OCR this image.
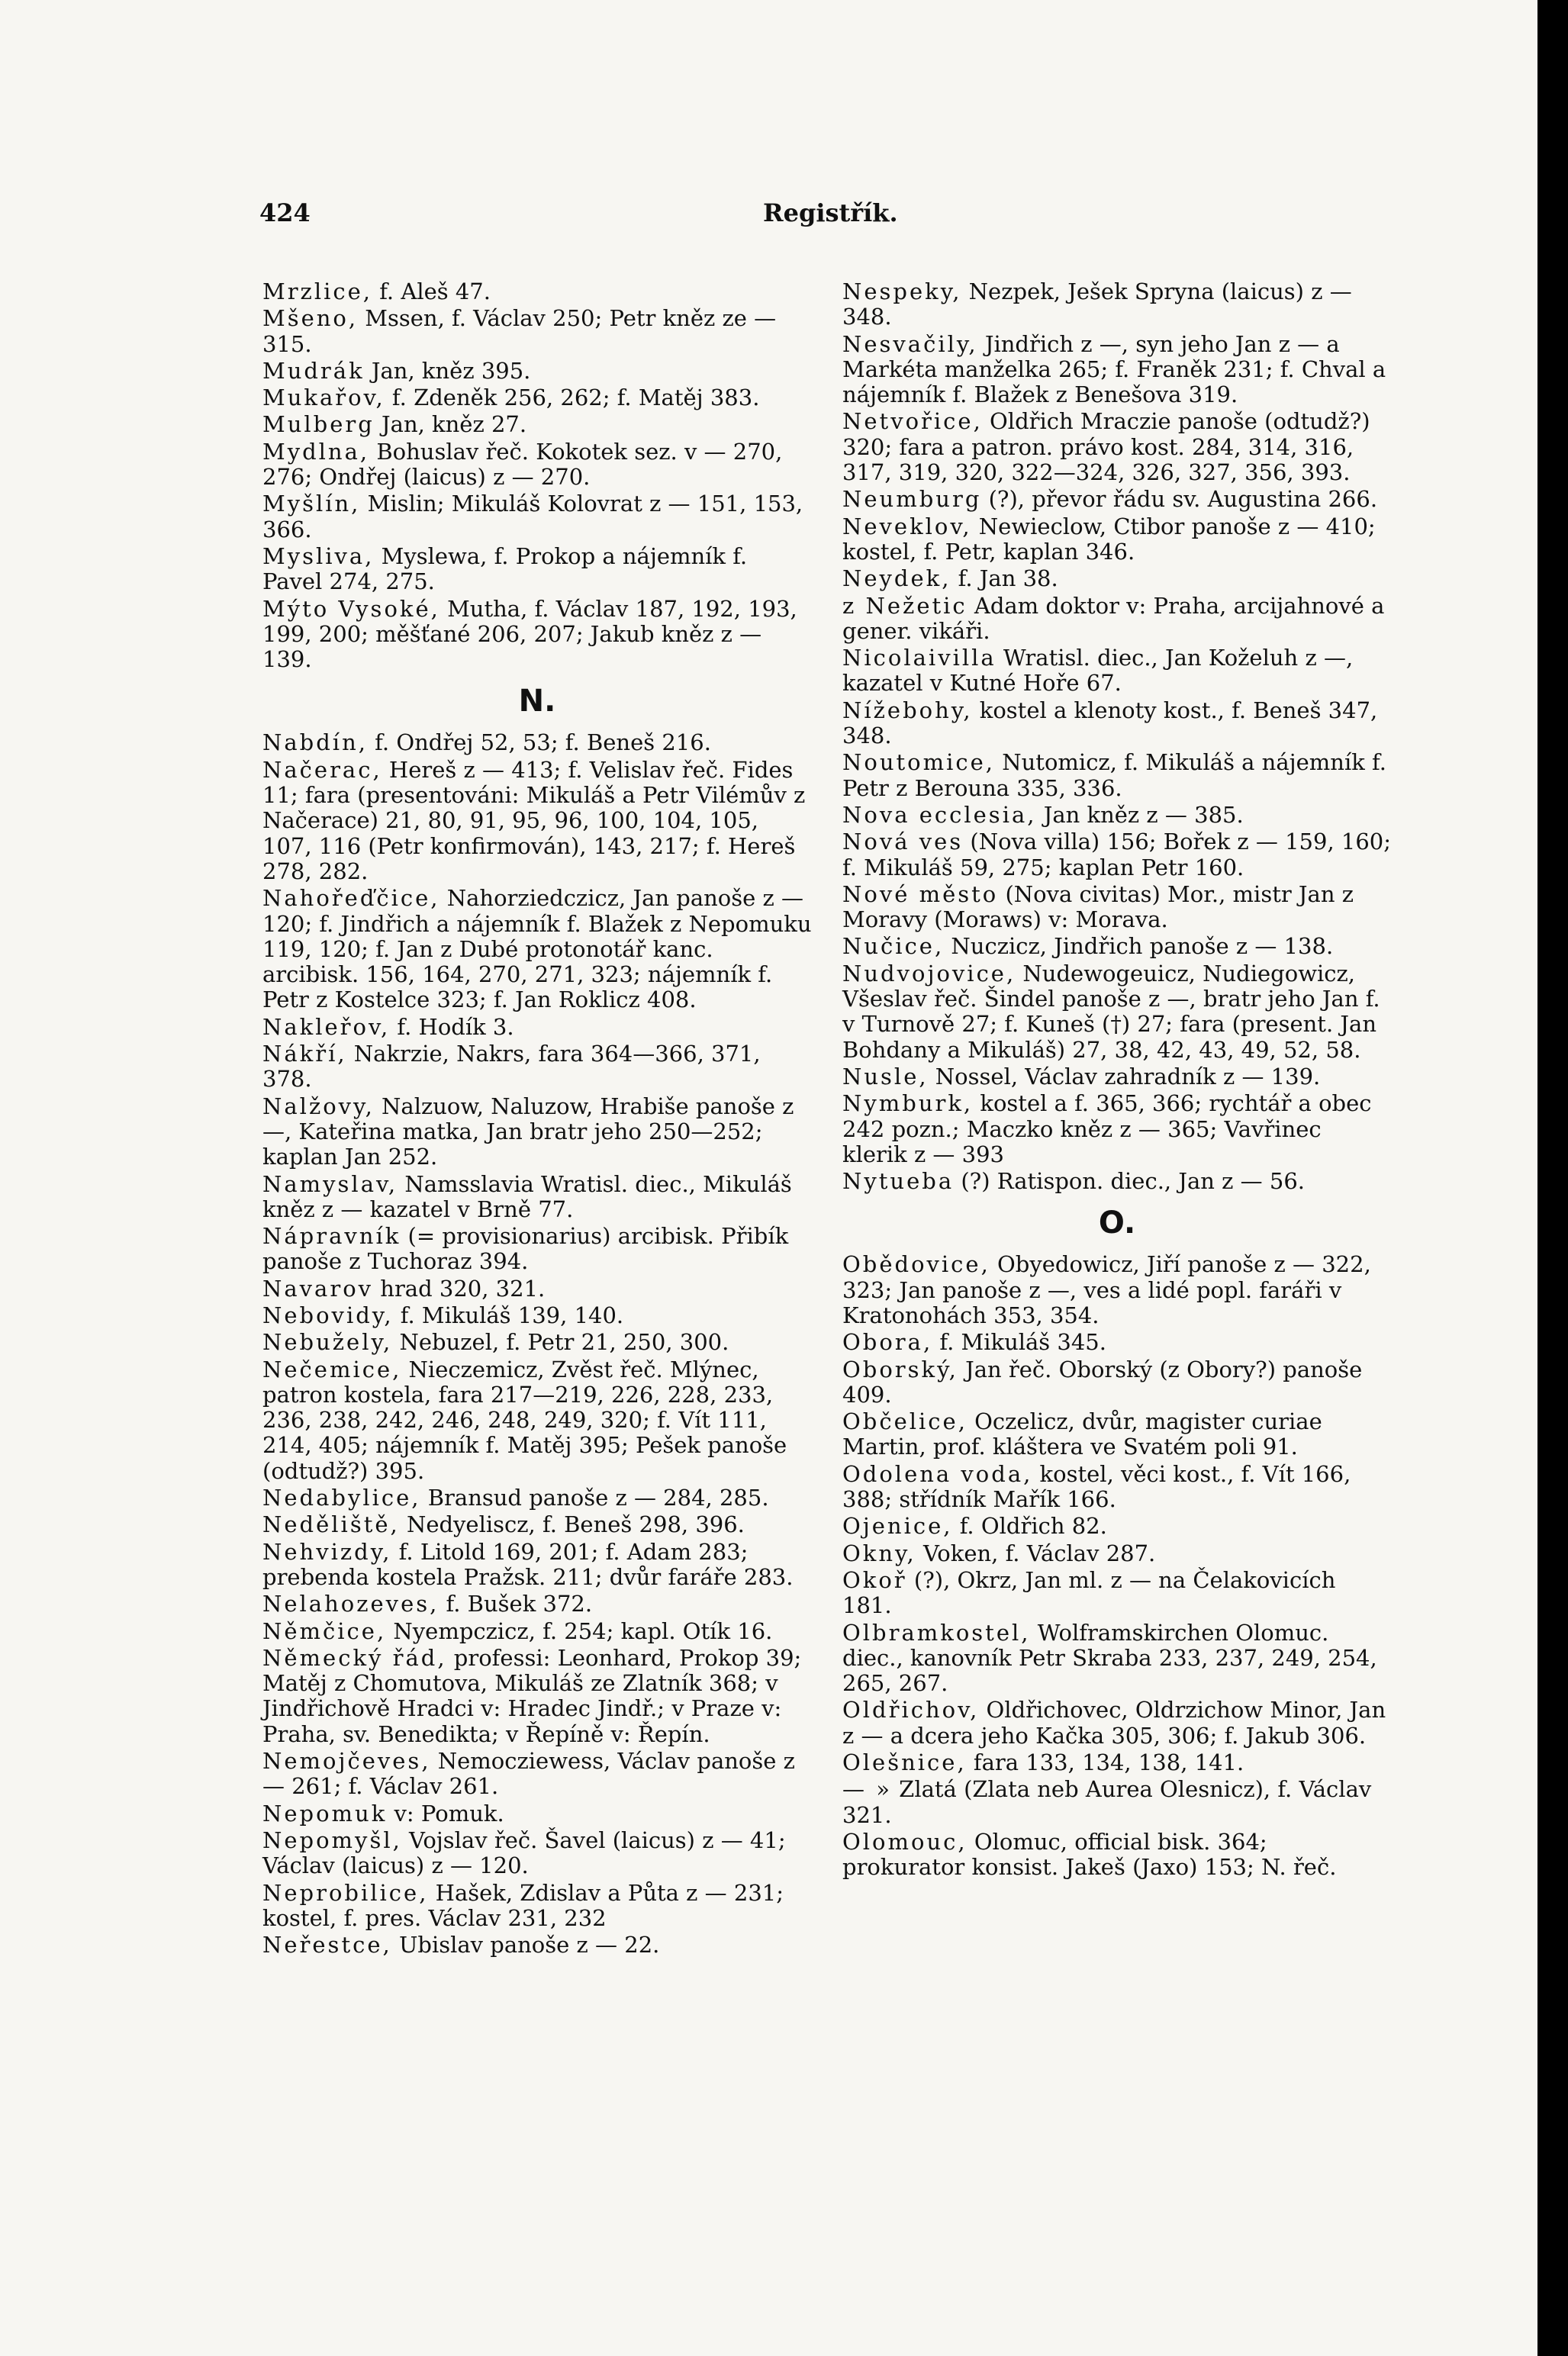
424	Registřík.
Mrzlice, f. Aleš 47.
Mšeno, Mssen, f. Václav 250; Petr kněz ze — 315.
Mudrák Jan, kněz 395.
Mukařov, f. Zdeněk 256, 262; f. Matěj 383.
Mulberg Jan, kněz 27.
Mydlna, Bohuslav řeč. Kokotek sez. v — 270, 276; Ondřej (laicus) z — 270.
Myšlín, Mislin; Mikuláš Kolovrat z — 151, 153, 366.
Mysliva, Myslewa, f. Prokop a nájemník f. Pavel 274, 275.
Mýto Vysoké, Mutha, f. Václav 187, 192, 193, 199, 200; měšťané 206, 207; Jakub kněz z — 139.
N.
Nabdín, f. Ondřej 52, 53; f. Beneš 216.
Načerac, Hereš z — 413; f. Velislav řeč. Fides 11; fara (presentováni: Mikuláš a Petr Vilémův z Načerace) 21, 80, 91, 95, 96, 100, 104, 105, 107, 116 (Petr konfirmován), 143, 217; f. Hereš 278, 282.
Nahořeďčice, Nahorziedczicz, Jan panoše z — 120; f. Jindřich a nájemník f. Blažek z Nepomuku 119, 120; f. Jan z Dubé protonotář kanc. arcibisk. 156, 164, 270, 271, 323; nájemník f. Petr z Kostelce 323; f. Jan Roklicz 408.
Nakleřov, f. Hodík 3.
Nákří, Nakrzie, Nakrs, fara 364—366, 371, 378.
Nalžovy, Nalzuow, Naluzow, Hrabiše panoše z —, Kateřina matka, Jan bratr jeho 250—252; kaplan Jan 252.
Namyslav, Namsslavia Wratisl. diec., Mikuláš kněz z — kazatel v Brně 77.
Nápravník (= provisionarius) arcibisk. Přibík panoše z Tuchoraz 394.
Navarov hrad 320, 321.
Nebovidy, f. Mikuláš 139, 140.
Nebužely, Nebuzel, f. Petr 21, 250, 300.
Nečemice, Nieczemicz, Zvěst řeč. Mlýnec, patron kostela, fara 217—219, 226, 228, 233, 236, 238, 242, 246, 248, 249, 320; f. Vít 111, 214, 405; nájemník f. Matěj 395; Pešek panoše (odtudž?) 395.
Nedabylice, Bransud panoše z — 284, 285.
Neděliště, Nedyeliscz, f. Beneš 298, 396.
Nehvizdy, f. Litold 169, 201; f. Adam 283; prebenda kostela Pražsk. 211; dvůr faráře 283.
Nelahozeves, f. Bušek 372.
Němčice, Nyempczicz, f. 254; kapl. Otík 16.
Německý řád, professi: Leonhard, Prokop 39; Matěj z Chomutova, Mikuláš ze Zlatník 368; v Jindřichově Hradci v: Hradec Jindř.; v Praze v: Praha, sv. Benedikta; v Řepíně v: Řepín.
Nemojčeves, Nemocziewess, Václav panoše z — 261; f. Václav 261.
Nepomuk v: Pomuk.
Nepomyšl, Vojslav řeč. Šavel (laicus) z — 41; Václav (laicus) z — 120.
Neprobilice, Hašek, Zdislav a Půta z — 231; kostel, f. pres. Václav 231, 232
Neřestce, Ubislav panoše z — 22.
Nespeky, Nezpek, Ješek Spryna (laicus) z — 348.
Nesvačily, Jindřich z —, syn jeho Jan z — a Markéta manželka 265; f. Franěk 231; f. Chval a nájemník f. Blažek z Benešova 319.
Netvořice, Oldřich Mraczie panoše (odtudž?) 320; fara a patron. právo kost. 284, 314, 316, 317, 319, 320, 322—324, 326, 327, 356, 393.
Neumburg (?), převor řádu sv. Augustina 266.
Neveklov, Newieclow, Ctibor panoše z — 410; kostel, f. Petr, kaplan 346.
Neydek, f. Jan 38.
z Nežetic Adam doktor v: Praha, arcijahnové a gener. vikáři.
Nicolaivilla Wratisl. diec., Jan Koželuh z —, kazatel v Kutné Hoře 67.
Nížebohy, kostel a klenoty kost., f. Beneš 347, 348.
Noutomice, Nutomicz, f. Mikuláš a nájemník f. Petr z Berouna 335, 336.
Nova ecclesia, Jan kněz z — 385.
Nová ves (Nova villa) 156; Bořek z — 159, 160; f. Mikuláš 59, 275; kaplan Petr 160.
Nové město (Nova civitas) Mor., mistr Jan z Moravy (Moraws) v: Morava.
Nučice, Nuczicz, Jindřich panoše z — 138.
Nudvojovice, Nudewogeuicz, Nudiegowicz, Všeslav řeč. Šindel panoše z —, bratr jeho Jan f. v Turnově 27; f. Kuneš (†) 27; fara (present. Jan Bohdany a Mikuláš) 27, 38, 42, 43, 49, 52, 58.
Nusle, Nossel, Václav zahradník z — 139.
Nymburk, kostel a f. 365, 366; rychtář a obec 242 pozn.; Maczko kněz z — 365; Vavřinec klerik z — 393
Nytueba (?) Ratispon. diec., Jan z — 56.
O.
Obědovice, Obyedowicz, Jiří panoše z — 322, 323; Jan panoše z —, ves a lidé popl. faráři v Kratonohách 353, 354.
Obora, f. Mikuláš 345.
Oborský, Jan řeč. Oborský (z Obory?) panoše 409.
Občelice, Oczelicz, dvůr, magister curiae Martin, prof. kláštera ve Svatém poli 91.
Odolena voda, kostel, věci kost., f. Vít 166, 388; střídník Mařík 166.
Ojenice, f. Oldřich 82.
Okny, Voken, f. Václav 287.
Okoř (?), Okrz, Jan ml. z — na Čelakovicích 181.
Olbramkostel, Wolframskirchen Olomuc. diec., kanovník Petr Skraba 233, 237, 249, 254, 265, 267.
Oldřichov, Oldřichovec, Oldrzichow Minor, Jan z — a dcera jeho Kačka 305, 306; f. Jakub 306.
Olešnice, fara 133, 134, 138, 141.
— » Zlatá (Zlata neb Aurea Olesnicz), f. Václav 321.
Olomouc, Olomuc, official bisk. 364; prokurator konsist. Jakeš (Jaxo) 153; N. řeč.
